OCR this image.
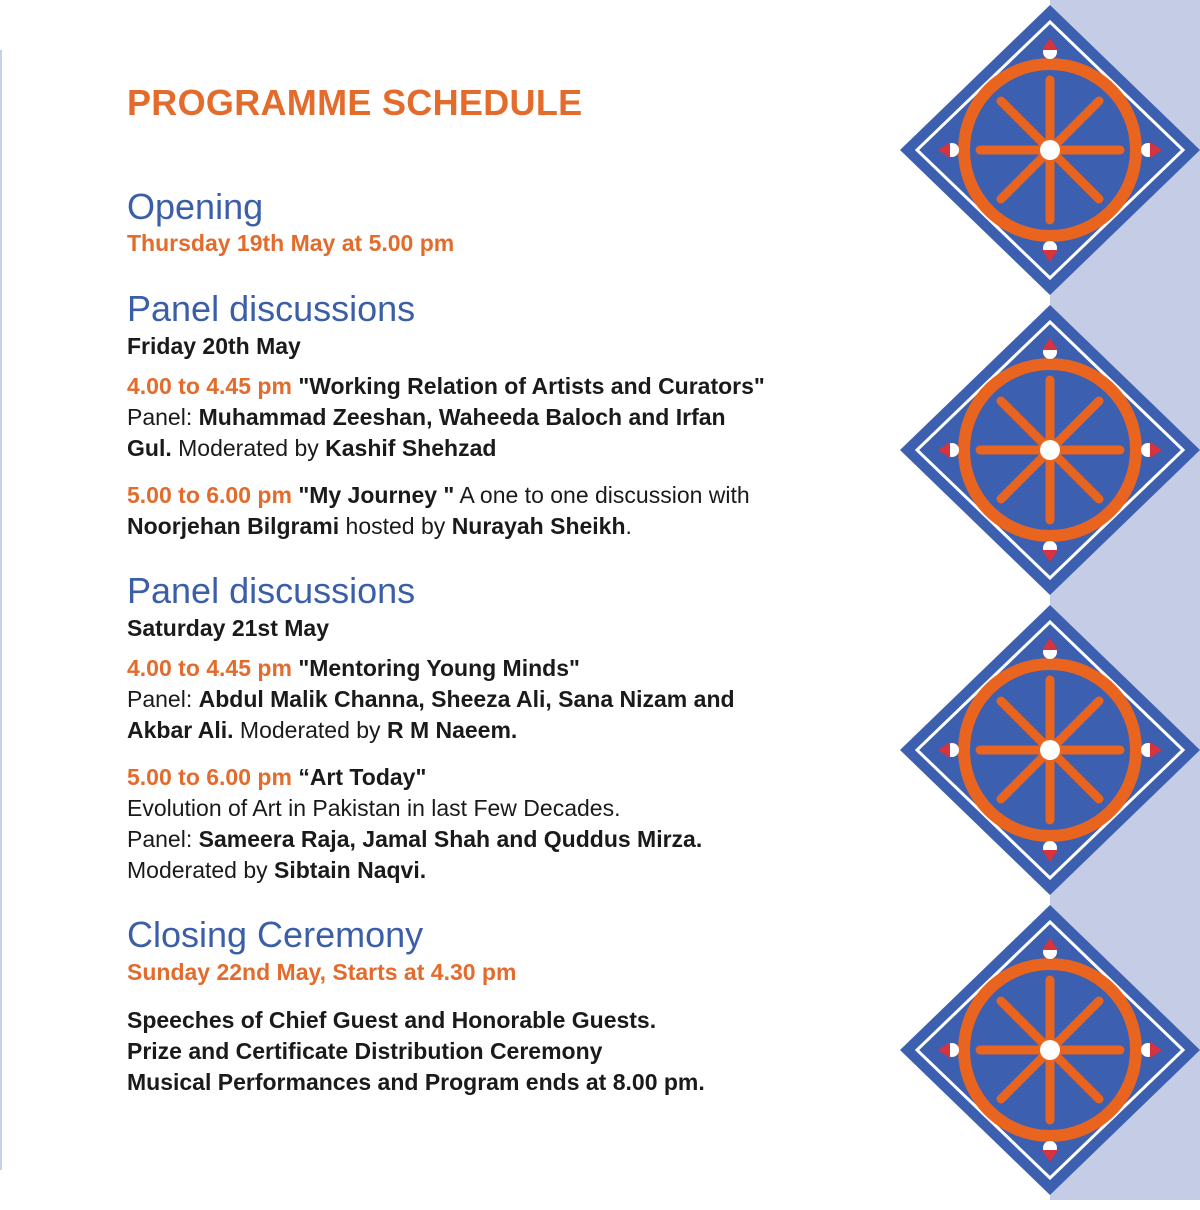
PROGRAMME SCHEDULE
Opening

Thursday 19th May at 5.00 pm

Panel discussions

Friday 20th May

4.00 to 4.45 pm "Working Relation of Artists and Curators"

Panel: Muhammad Zeeshan, Waheeda Baloch and Irfan

Gul. Moderated by Kashif Shehzad

5.00 to 6.00 pm "My Journey " A one to one discussion with

Noorjehan Bilgrami hosted by Nurayah Sheikh.

Panel discussions

Saturday 21st May

4.00 to 4.45 pm "Mentoring Young Minds"

Panel: Abdul Malik Channa, Sheeza Ali, Sana Nizam and

Akbar Ali. Moderated by R M Naeem.

5.00 to 6.00 pm “Art Today"

Evolution of Art in Pakistan in last Few Decades.

Panel: Sameera Raja, Jamal Shah and Quddus Mirza.

Moderated by Sibtain Naqvi.

Closing Ceremony

Sunday 22nd May, Starts at 4.30 pm

Speeches of Chief Guest and Honorable Guests.

Prize and Certificate Distribution Ceremony

Musical Performances and Program ends at 8.00 pm.
